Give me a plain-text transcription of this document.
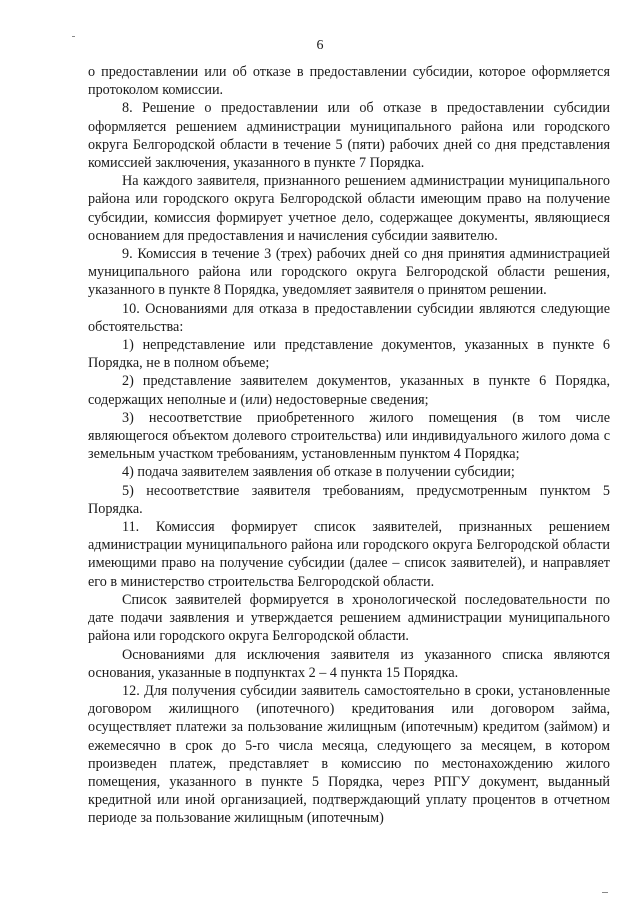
6

о предоставлении или об отказе в предоставлении субсидии, которое оформляется протоколом комиссии.

8. Решение о предоставлении или об отказе в предоставлении субсидии оформляется решением администрации муниципального района или городского округа Белгородской области в течение 5 (пяти) рабочих дней со дня представления комиссией заключения, указанного в пункте 7 Порядка.

На каждого заявителя, признанного решением администрации муниципального района или городского округа Белгородской области имеющим право на получение субсидии, комиссия формирует учетное дело, содержащее документы, являющиеся основанием для предоставления и начисления субсидии заявителю.

9. Комиссия в течение 3 (трех) рабочих дней со дня принятия администрацией муниципального района или городского округа Белгородской области решения, указанного в пункте 8 Порядка, уведомляет заявителя о принятом решении.

10. Основаниями для отказа в предоставлении субсидии являются следующие обстоятельства:

1) непредставление или представление документов, указанных в пункте 6 Порядка, не в полном объеме;

2) представление заявителем документов, указанных в пункте 6 Порядка, содержащих неполные и (или) недостоверные сведения;

3) несоответствие приобретенного жилого помещения (в том числе являющегося объектом долевого строительства) или индивидуального жилого дома с земельным участком требованиям, установленным пунктом 4 Порядка;

4) подача заявителем заявления об отказе в получении субсидии;

5) несоответствие заявителя требованиям, предусмотренным пунктом 5 Порядка.

11. Комиссия формирует список заявителей, признанных решением администрации муниципального района или городского округа Белгородской области имеющими право на получение субсидии (далее – список заявителей), и направляет его в министерство строительства Белгородской области.

Список заявителей формируется в хронологической последовательности по дате подачи заявления и утверждается решением администрации муниципального района или городского округа Белгородской области.

Основаниями для исключения заявителя из указанного списка являются основания, указанные в подпунктах 2 – 4 пункта 15 Порядка.

12. Для получения субсидии заявитель самостоятельно в сроки, установленные договором жилищного (ипотечного) кредитования или договором займа, осуществляет платежи за пользование жилищным (ипотечным) кредитом (займом) и ежемесячно в срок до 5-го числа месяца, следующего за месяцем, в котором произведен платеж, представляет в комиссию по местонахождению жилого помещения, указанного в пункте 5 Порядка, через РПГУ документ, выданный кредитной или иной организацией, подтверждающий уплату процентов в отчетном периоде за пользование жилищным (ипотечным)
